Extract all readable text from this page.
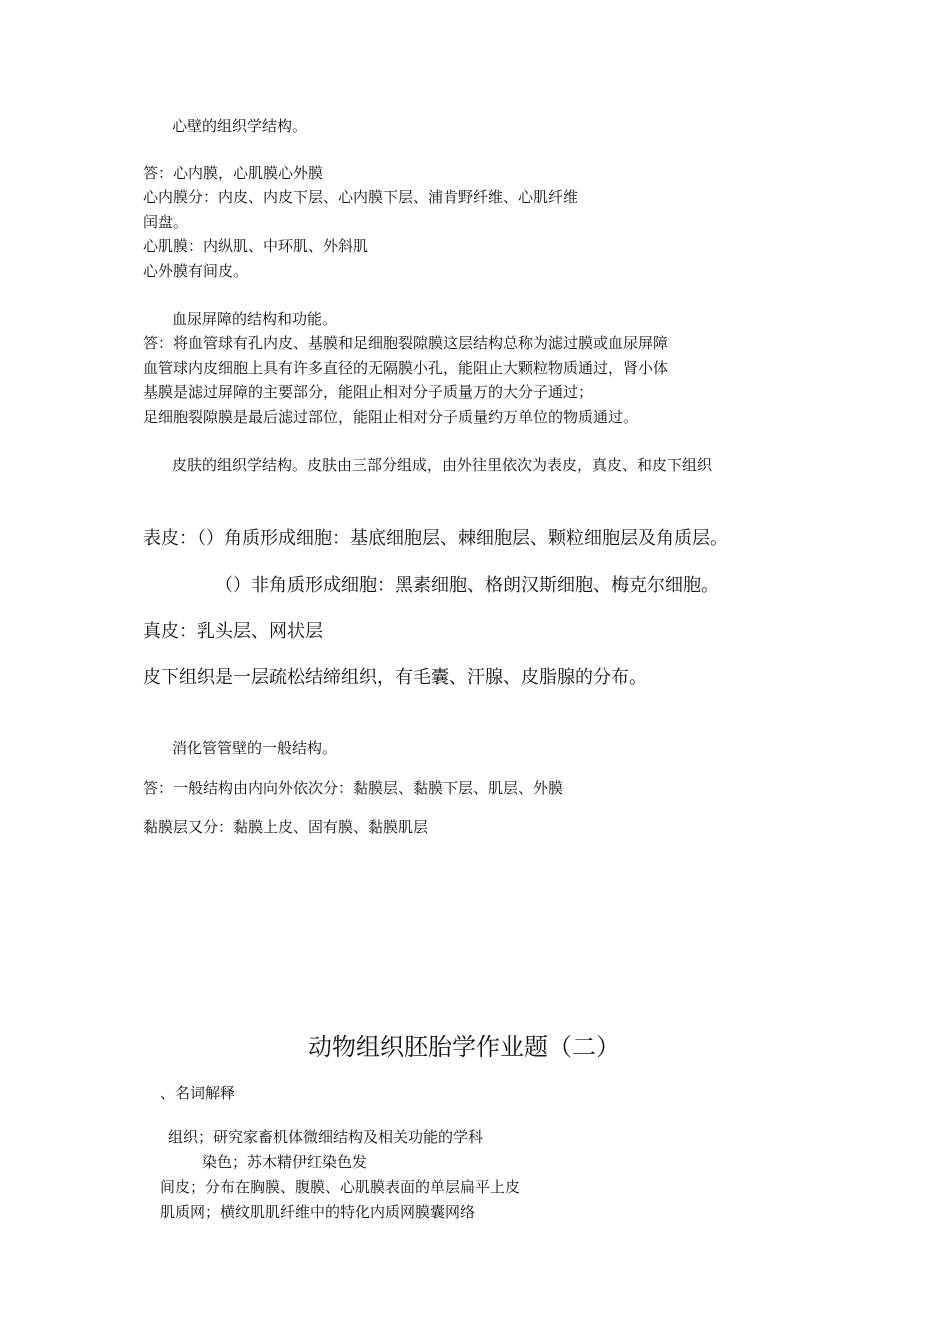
心壁的组织学结构。
答：心内膜，心肌膜心外膜
心内膜分：内皮、内皮下层、心内膜下层、浦肯野纤维、心肌纤维
闰盘。
心肌膜：内纵肌、中环肌、外斜肌
心外膜有间皮。
血尿屏障的结构和功能。
答：将血管球有孔内皮、基膜和足细胞裂隙膜这层结构总称为滤过膜或血尿屏障
血管球内皮细胞上具有许多直径的无隔膜小孔，能阻止大颗粒物质通过，肾小体
基膜是滤过屏障的主要部分，能阻止相对分子质量万的大分子通过；
足细胞裂隙膜是最后滤过部位，能阻止相对分子质量约万单位的物质通过。
皮肤的组织学结构。皮肤由三部分组成，由外往里依次为表皮，真皮、和皮下组织
表皮：（）角质形成细胞：基底细胞层、棘细胞层、颗粒细胞层及角质层。
（）非角质形成细胞：黑素细胞、格朗汉斯细胞、梅克尔细胞。
真皮：乳头层、网状层
皮下组织是一层疏松结缔组织，有毛囊、汗腺、皮脂腺的分布。
消化管管壁的一般结构。
答：一般结构由内向外依次分：黏膜层、黏膜下层、肌层、外膜
黏膜层又分：黏膜上皮、固有膜、黏膜肌层
动物组织胚胎学作业题（二）
、名词解释
组织；研究家畜机体微细结构及相关功能的学科
染色；苏木精伊红染色发
间皮；分布在胸膜、腹膜、心肌膜表面的单层扁平上皮
肌质网；横纹肌肌纤维中的特化内质网膜囊网络
